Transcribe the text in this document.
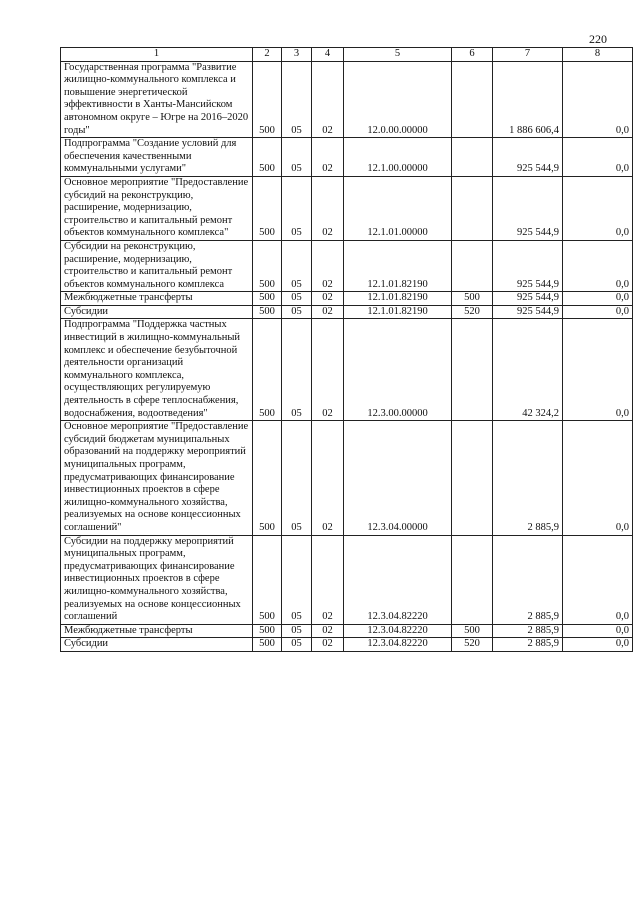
220
1	2	3	4	5	6	7	8
Государственная программа "Развитие жилищно-коммунального комплекса и повышение энергетической эффективности в Ханты-Мансийском автономном округе – Югре на 2016–2020 годы"	500	05	02	12.0.00.00000		1 886 606,4	0,0
Подпрограмма "Создание условий для обеспечения качественными коммунальными услугами"	500	05	02	12.1.00.00000		925 544,9	0,0
Основное мероприятие "Предоставление субсидий на реконструкцию, расширение, модернизацию, строительство и капитальный ремонт объектов коммунального комплекса"	500	05	02	12.1.01.00000		925 544,9	0,0
Субсидии на реконструкцию, расширение, модернизацию, строительство и капитальный ремонт объектов коммунального комплекса	500	05	02	12.1.01.82190		925 544,9	0,0
Межбюджетные трансферты	500	05	02	12.1.01.82190	500	925 544,9	0,0
Субсидии	500	05	02	12.1.01.82190	520	925 544,9	0,0
Подпрограмма "Поддержка частных инвестиций в жилищно-коммунальный комплекс и обеспечение безубыточной деятельности организаций коммунального комплекса, осуществляющих регулируемую деятельность в сфере теплоснабжения, водоснабжения, водоотведения"	500	05	02	12.3.00.00000		42 324,2	0,0
Основное мероприятие "Предоставление субсидий бюджетам муниципальных образований на поддержку мероприятий муниципальных программ, предусматривающих финансирование инвестиционных проектов в сфере жилищно-коммунального хозяйства, реализуемых на основе концессионных соглашений"	500	05	02	12.3.04.00000		2 885,9	0,0
Субсидии на поддержку мероприятий муниципальных программ, предусматривающих финансирование инвестиционных проектов в сфере жилищно-коммунального хозяйства, реализуемых на основе концессионных соглашений	500	05	02	12.3.04.82220		2 885,9	0,0
Межбюджетные трансферты	500	05	02	12.3.04.82220	500	2 885,9	0,0
Субсидии	500	05	02	12.3.04.82220	520	2 885,9	0,0
